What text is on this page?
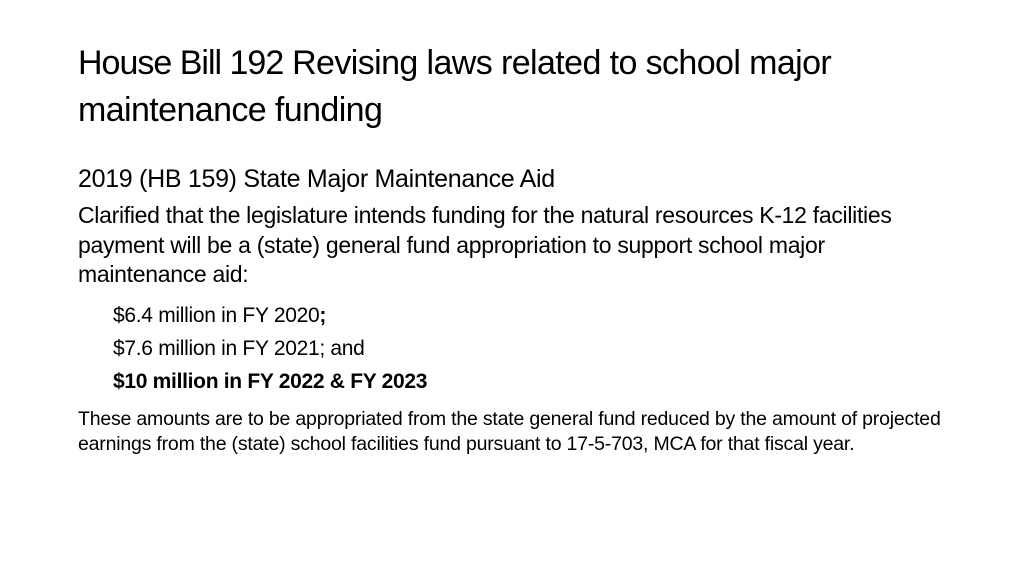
House Bill 192 Revising laws related to school major maintenance funding

2019 (HB 159) State Major Maintenance Aid

Clarified that the legislature intends funding for the natural resources K-12 facilities payment will be a (state) general fund appropriation to support school major maintenance aid:

$6.4 million in FY 2020;
$7.6 million in FY 2021; and
$10 million in FY 2022 & FY 2023

These amounts are to be appropriated from the state general fund reduced by the amount of projected earnings from the (state) school facilities fund pursuant to 17-5-703, MCA for that fiscal year.
